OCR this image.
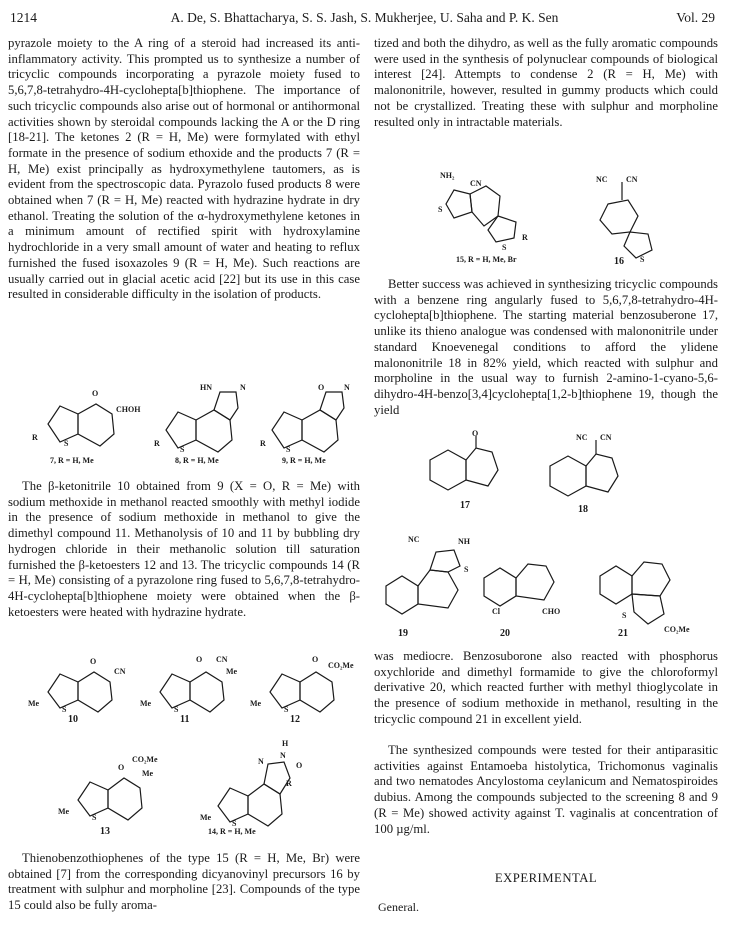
1214	A. De, S. Bhattacharya, S. S. Jash, S. Mukherjee, U. Saha and P. K. Sen	Vol. 29

pyrazole moiety to the A ring of a steroid had increased its anti-inflammatory activity. This prompted us to synthesize a number of tricyclic compounds incorporating a pyrazole moiety fused to 5,6,7,8-tetrahydro-4H-cyclohepta[b]thiophene. The importance of such tricyclic compounds also arise out of hormonal or antihormonal activities shown by steroidal compounds lacking the A or the D ring [18-21]. The ketones 2 (R = H, Me) were formylated with ethyl formate in the presence of sodium ethoxide and the products 7 (R = H, Me) exist principally as hydroxymethylene tautomers, as is evident from the spectroscopic data. Pyrazolo fused products 8 were obtained when 7 (R = H, Me) reacted with hydrazine hydrate in dry ethanol. Treating the solution of the α-hydroxymethylene ketones in a minimum amount of rectified spirit with hydroxylamine hydrochloride in a very small amount of water and heating to reflux furnished the fused isoxazoles 9 (R = H, Me). Such reactions are usually carried out in glacial acetic acid [22] but its use in this case resulted in considerable difficulty in the isolation of products.

S
R
O
CHOH
7, R = H, Me
S
R
HN	N
8, R = H, Me
S
R
O N
9, R = H, Me

The β-ketonitrile 10 obtained from 9 (X = O, R = Me) with sodium methoxide in methanol reacted smoothly with methyl iodide in the presence of sodium methoxide in methanol to give the dimethyl compound 11. Methanolysis of 10 and 11 by bubbling dry hydrogen chloride in their methanolic solution till saturation furnished the β-ketoesters 12 and 13. The tricyclic compounds 14 (R = H, Me) consisting of a pyrazolone ring fused to 5,6,7,8-tetrahydro-4H-cyclohepta[b]thiophene moiety were obtained when the β-ketoesters were heated with hydrazine hydrate.

S
Me
O
CN
10
S
Me
O CN
Me
11
S
Me
O
CO₂Me
12
S
Me
O
CO₂Me
Me
13
S
Me
N
N
H
O
R
14, R = H, Me

Thienobenzothiophenes of the type 15 (R = H, Me, Br) were obtained [7] from the corresponding dicyanovinyl precursors 16 by treatment with sulphur and morpholine [23]. Compounds of the type 15 could also be fully aroma-

tized and both the dihydro, as well as the fully aromatic compounds were used in the synthesis of polynuclear compounds of biological interest [24]. Attempts to condense 2 (R = H, Me) with malononitrile, however, resulted in gummy products which could not be crystallized. Treating these with sulphur and morpholine resulted only in intractable materials.

NH₂
CN
S
S
R
15, R = H, Me, Br
NC CN
S
16

Better success was achieved in synthesizing tricyclic compounds with a benzene ring angularly fused to 5,6,7,8-tetrahydro-4H-cyclohepta[b]thiophene. The starting material benzosuberone 17, unlike its thieno analogue was condensed with malononitrile under standard Knoevenegal conditions to afford the ylidene malononitrile 18 in 82% yield, which reacted with sulphur and morpholine in the usual way to furnish 2-amino-1-cyano-5,6-dihydro-4H-benzo[3,4]cyclohepta[1,2-b]thiophene 19, though the yield

O
17
NC CN
18
NC	NH
S
19
Cl	CHO
20
S
CO₂Me
21

was mediocre. Benzosuborone also reacted with phosphorus oxychloride and dimethyl formamide to give the chloroformyl derivative 20, which reacted further with methyl thioglycolate in the presence of sodium methoxide in methanol, resulting in the tricyclic compound 21 in excellent yield.

The synthesized compounds were tested for their antiparasitic activities against Entamoeba histolytica, Trichomonus vaginalis and two nematodes Ancylostoma ceylanicum and Nematospiroides dubius. Among the compounds subjected to the screening 8 and 9 (R = Me) showed activity against T. vaginalis at concentration of 100 µg/ml.

EXPERIMENTAL
General.
